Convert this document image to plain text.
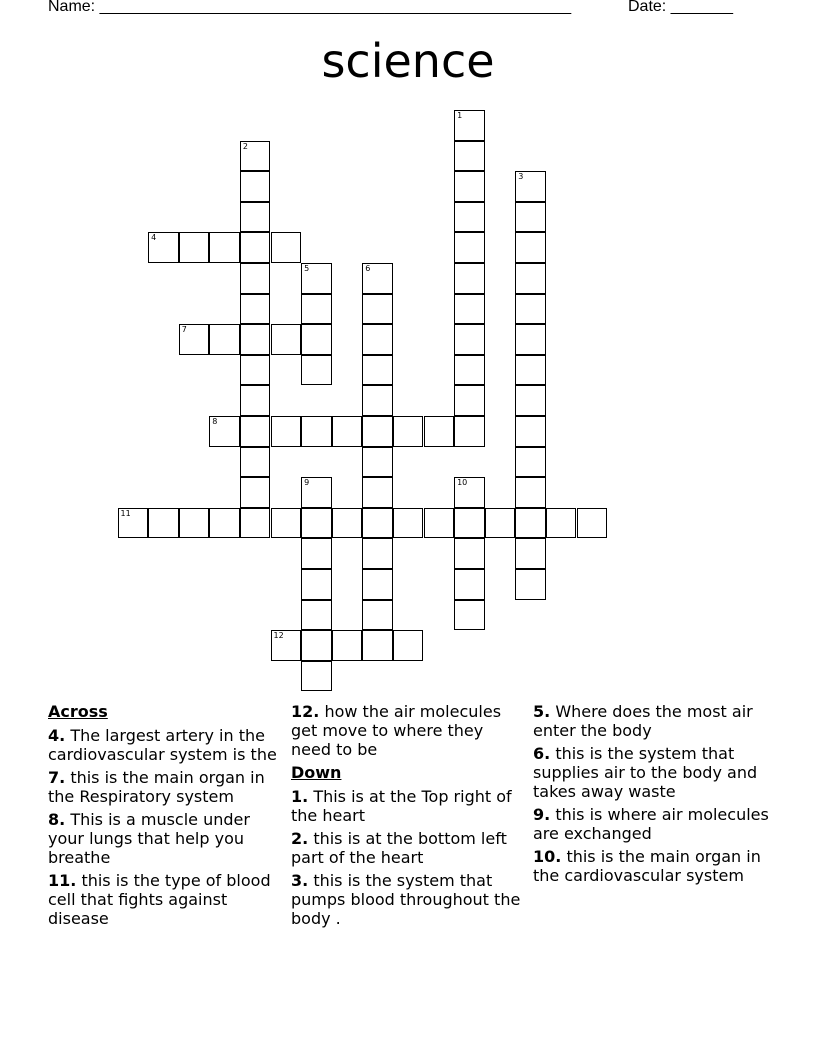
Name: _____________________________________________________	Date: _______
science
1
2
3
4
5	6
7
8
9	10
11
12
Across
4. The largest artery in the cardiovascular system is the
7. this is the main organ in the Respiratory system
8. This is a muscle under your lungs that help you breathe
11. this is the type of blood cell that fights against disease
12. how the air molecules get move to where they need to be
Down
1. This is at the Top right of the heart
2. this is at the bottom left part of the heart
3. this is the system that pumps blood throughout the body .
5. Where does the most air enter the body
6. this is the system that supplies air to the body and takes away waste
9. this is where air molecules are exchanged
10. this is the main organ in the cardiovascular system
